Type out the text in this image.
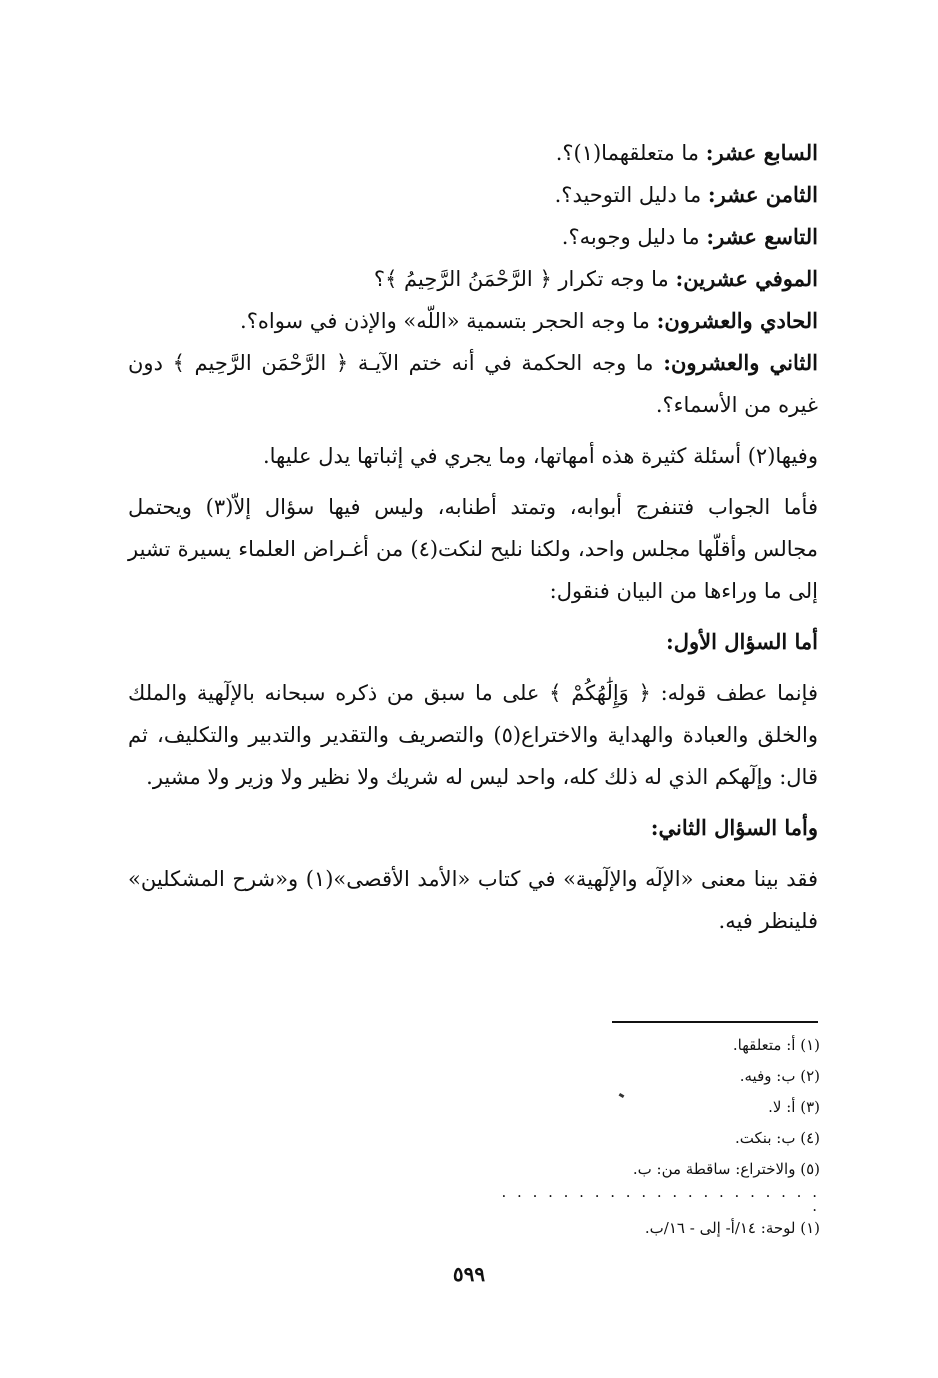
السابع عشر: ما متعلقهما(١)؟.
الثامن عشر: ما دليل التوحيد؟.
التاسع عشر: ما دليل وجوبه؟.
الموفي عشرين: ما وجه تكرار ﴿ الرَّحْمَنُ الرَّحِيمُ ﴾؟
الحادي والعشرون: ما وجه الحجر بتسمية «اللّه» والإذن في سواه؟.
الثاني والعشرون: ما وجه الحكمة في أنه ختم الآيـة ﴿ الرَّحْمَن الرَّحِيم ﴾ دون غيره من الأسماء؟.

وفيها(٢) أسئلة كثيرة هذه أمهاتها، وما يجري في إثباتها يدل عليها.

فأما الجواب فتنفرج أبوابه، وتمتد أطنابه، وليس فيها سؤال إلاّ(٣) ويحتمل مجالس وأقلّها مجلس واحد، ولكنا نليح لنكت(٤) من أغـراض العلماء يسيرة تشير إلى ما وراءها من البيان فنقول:

أما السؤال الأول:

فإنما عطف قوله: ﴿ وَإِلَٰهُكُمْ ﴾ على ما سبق من ذكره سبحانه بالإلٓهية والملك والخلق والعبادة والهداية والاختراع(٥) والتصريف والتقدير والتدبير والتكليف، ثم قال: وإلٓهكم الذي له ذلك كله، واحد ليس له شريك ولا نظير ولا وزير ولا مشير.

وأما السؤال الثاني:

فقد بينا معنى «الإلٓه والإلٓهية» في كتاب «الأمد الأقصى»(١) و«شرح المشكلين» فلينظر فيه.

(١) أ: متعلقها.
(٢) ب: وفيه.
(٣) أ: لا.
(٤) ب: بنكت.
(٥) والاختراع: ساقطة من: ب.
. . . . . . . . . . . . . . . . . . . . . .
(١) لوحة: ١٤/أ- إلى - ١٦/ب.
٥٩٩
